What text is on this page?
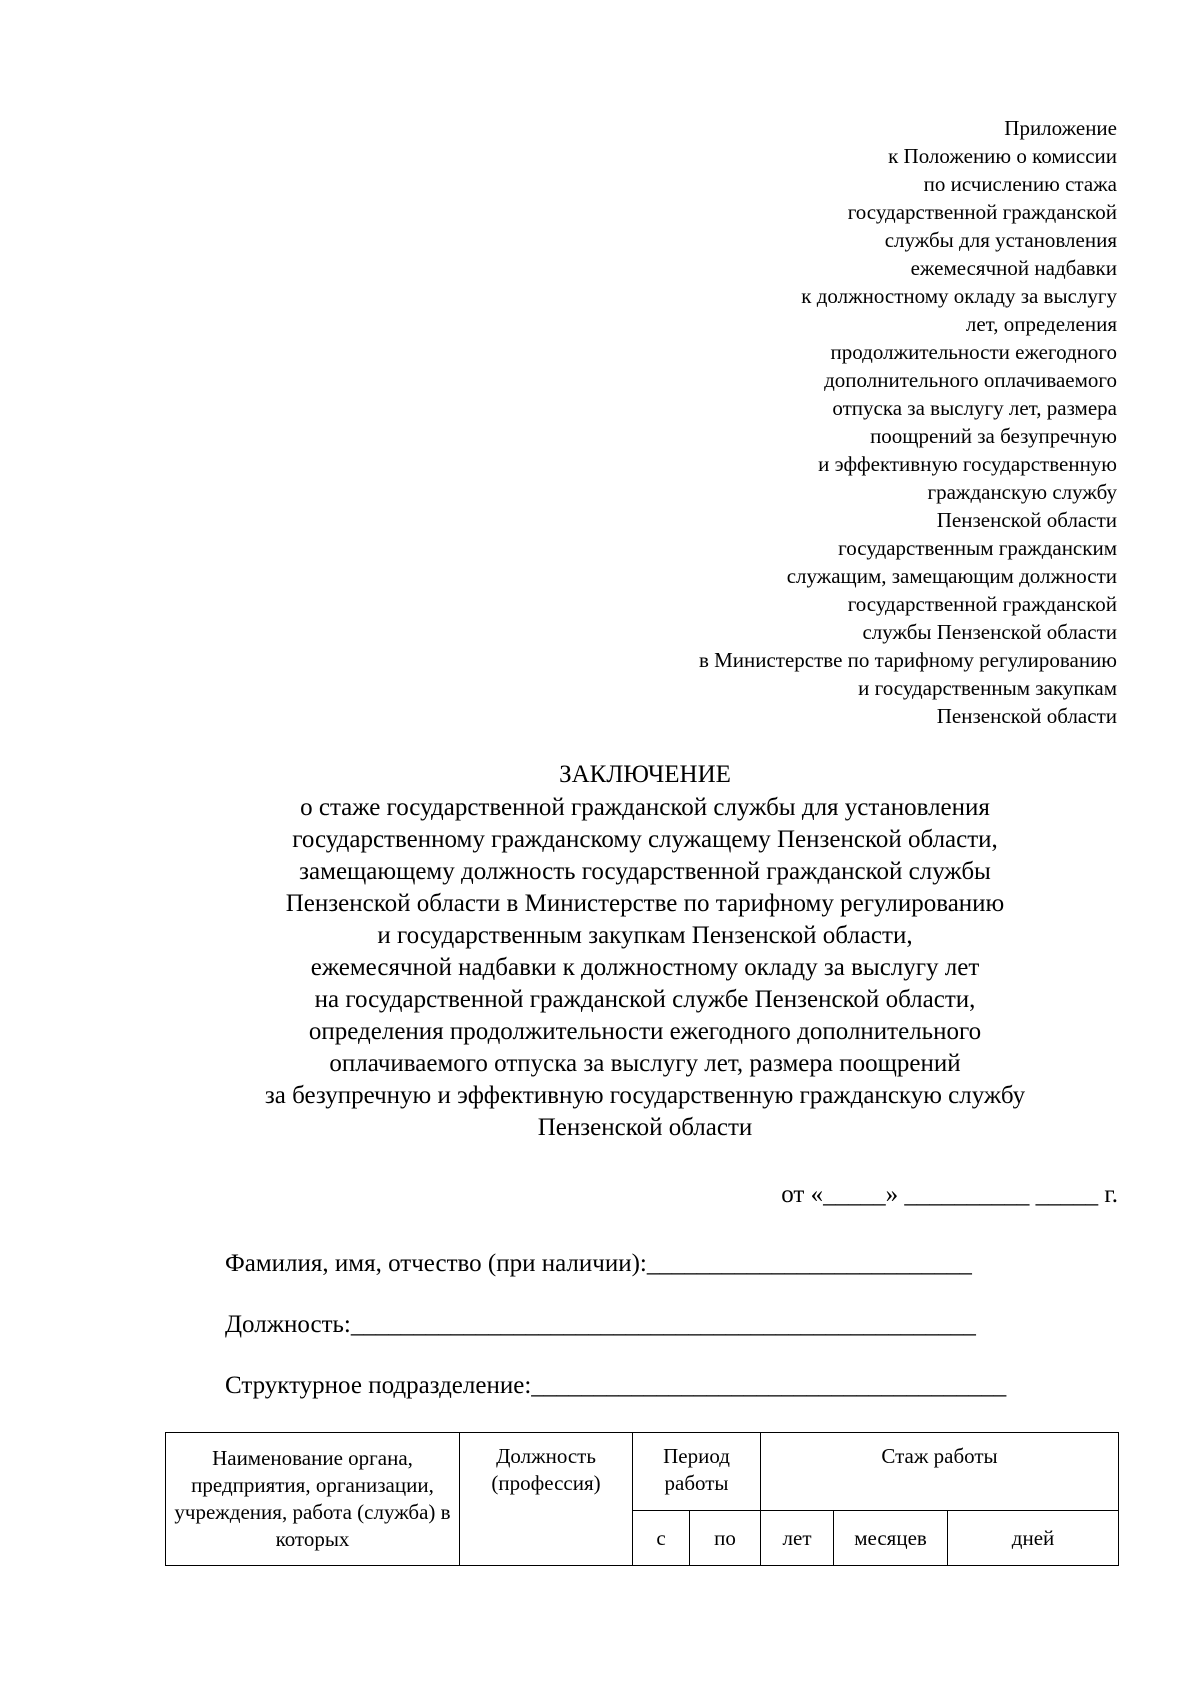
Приложение
к Положению о комиссии
по исчислению стажа
государственной гражданской
службы для установления
ежемесячной надбавки
к должностному окладу за выслугу
лет, определения
продолжительности ежегодного
дополнительного оплачиваемого
отпуска за выслугу лет, размера
поощрений за безупречную
и эффективную государственную
гражданскую службу
Пензенской области
государственным гражданским
служащим, замещающим должности
государственной гражданской
службы Пензенской области
в Министерстве по тарифному регулированию
и государственным закупкам
Пензенской области
ЗАКЛЮЧЕНИЕ
о стаже государственной гражданской службы для установления
государственному гражданскому служащему Пензенской области,
замещающему должность государственной гражданской службы
Пензенской области в Министерстве по тарифному регулированию
и государственным закупкам Пензенской области,
ежемесячной надбавки к должностному окладу за выслугу лет
на государственной гражданской службе Пензенской области,
определения продолжительности ежегодного дополнительного
оплачиваемого отпуска за выслугу лет, размера поощрений
за безупречную и эффективную государственную гражданскую службу
Пензенской области
от «_____» __________ _____ г.
Фамилия, имя, отчество (при наличии):__________________________
Должность:__________________________________________________
Структурное подразделение:______________________________________
Наименование органа, предприятия, организации, учреждения, работа (служба) в которых	Должность (профессия)	Период работы		Стаж работы		
		с	по	лет	месяцев	дней
